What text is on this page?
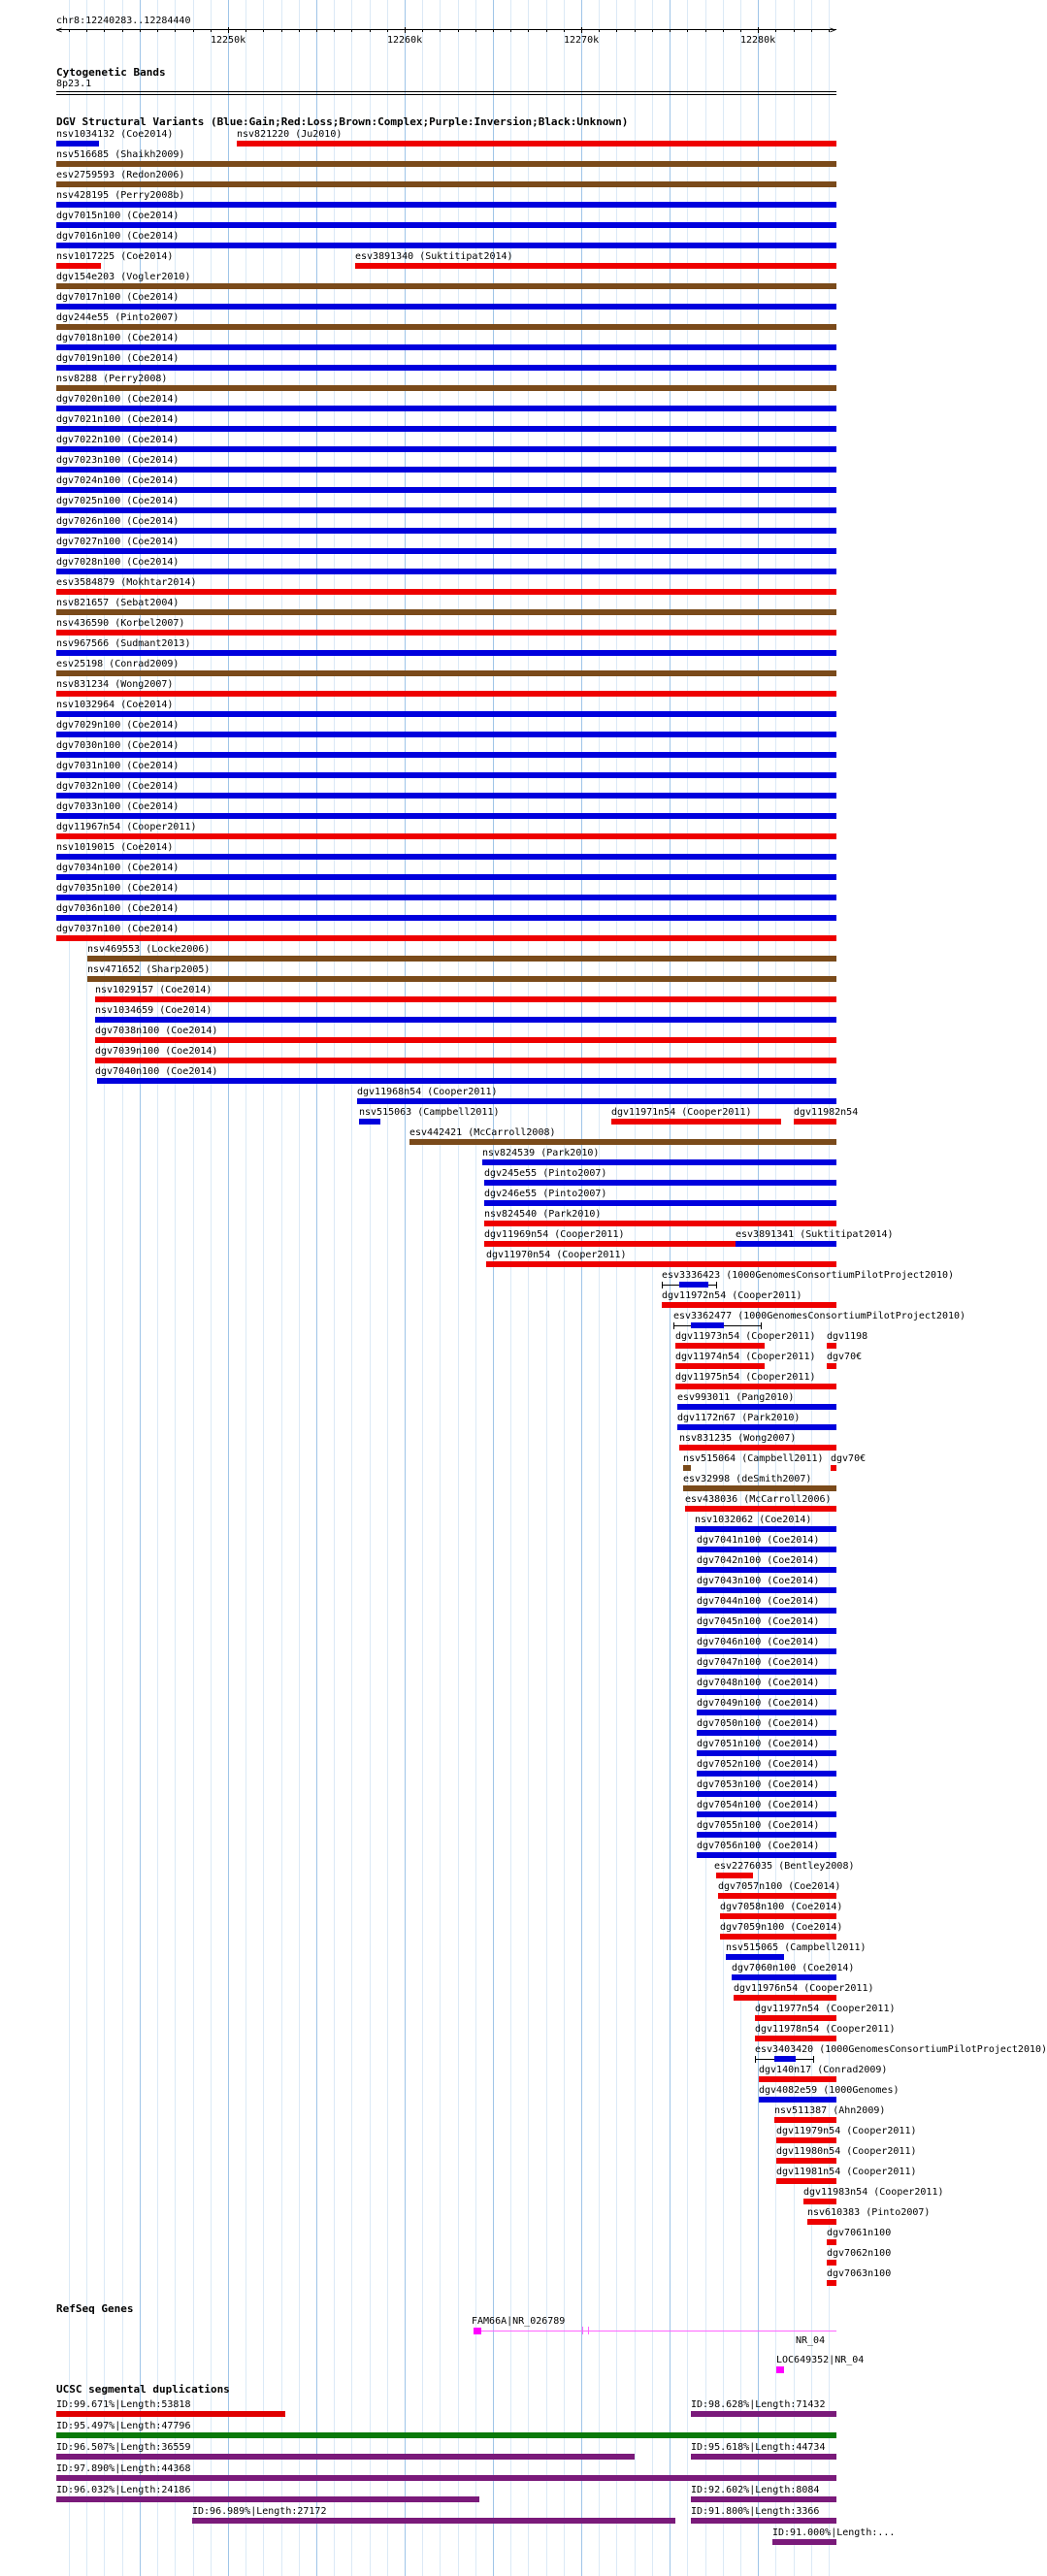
chr8:12240283..12284440
<	>
12250k	12260k	12270k	12280k
Cytogenetic Bands
8p23.1
DGV Structural Variants (Blue:Gain;Red:Loss;Brown:Complex;Purple:Inversion;Black:Unknown)
nsv1034132 (Coe2014)	nsv821220 (Ju2010)
nsv516685 (Shaikh2009)
esv2759593 (Redon2006)
nsv428195 (Perry2008b)
dgv7015n100 (Coe2014)
dgv7016n100 (Coe2014)
nsv1017225 (Coe2014)	esv3891340 (Suktitipat2014)
dgv154e203 (Vogler2010)
dgv7017n100 (Coe2014)
dgv244e55 (Pinto2007)
dgv7018n100 (Coe2014)
dgv7019n100 (Coe2014)
nsv8288 (Perry2008)
dgv7020n100 (Coe2014)
dgv7021n100 (Coe2014)
dgv7022n100 (Coe2014)
dgv7023n100 (Coe2014)
dgv7024n100 (Coe2014)
dgv7025n100 (Coe2014)
dgv7026n100 (Coe2014)
dgv7027n100 (Coe2014)
dgv7028n100 (Coe2014)
esv3584879 (Mokhtar2014)
nsv821657 (Sebat2004)
nsv436590 (Korbel2007)
nsv967566 (Sudmant2013)
esv25198 (Conrad2009)
nsv831234 (Wong2007)
nsv1032964 (Coe2014)
dgv7029n100 (Coe2014)
dgv7030n100 (Coe2014)
dgv7031n100 (Coe2014)
dgv7032n100 (Coe2014)
dgv7033n100 (Coe2014)
dgv11967n54 (Cooper2011)
nsv1019015 (Coe2014)
dgv7034n100 (Coe2014)
dgv7035n100 (Coe2014)
dgv7036n100 (Coe2014)
dgv7037n100 (Coe2014)
nsv469553 (Locke2006)
nsv471652 (Sharp2005)
nsv1029157 (Coe2014)
nsv1034659 (Coe2014)
dgv7038n100 (Coe2014)
dgv7039n100 (Coe2014)
dgv7040n100 (Coe2014)
dgv11968n54 (Cooper2011)
nsv515063 (Campbell2011)	dgv11971n54 (Cooper2011)	dgv11982n54
esv442421 (McCarroll2008)
nsv824539 (Park2010)
dgv245e55 (Pinto2007)
dgv246e55 (Pinto2007)
nsv824540 (Park2010)
dgv11969n54 (Cooper2011)	esv3891341 (Suktitipat2014)
dgv11970n54 (Cooper2011)
esv3336423 (1000GenomesConsortiumPilotProject2010)
dgv11972n54 (Cooper2011)
esv3362477 (1000GenomesConsortiumPilotProject2010)
dgv11973n54 (Cooper2011) dgv1198
dgv11974n54 (Cooper2011) dgv70€
dgv11975n54 (Cooper2011)
esv993011 (Pang2010)
dgv1172n67 (Park2010)
nsv831235 (Wong2007)
nsv515064 (Campbell2011) dgv70€
esv32998 (deSmith2007)
esv438036 (McCarroll2006)
nsv1032062 (Coe2014)
dgv7041n100 (Coe2014)
dgv7042n100 (Coe2014)
dgv7043n100 (Coe2014)
dgv7044n100 (Coe2014)
dgv7045n100 (Coe2014)
dgv7046n100 (Coe2014)
dgv7047n100 (Coe2014)
dgv7048n100 (Coe2014)
dgv7049n100 (Coe2014)
dgv7050n100 (Coe2014)
dgv7051n100 (Coe2014)
dgv7052n100 (Coe2014)
dgv7053n100 (Coe2014)
dgv7054n100 (Coe2014)
dgv7055n100 (Coe2014)
dgv7056n100 (Coe2014)
esv2276035 (Bentley2008)
dgv7057n100 (Coe2014)
dgv7058n100 (Coe2014)
dgv7059n100 (Coe2014)
nsv515065 (Campbell2011)
dgv7060n100 (Coe2014)
dgv11976n54 (Cooper2011)
dgv11977n54 (Cooper2011)
dgv11978n54 (Cooper2011)
esv3403420 (1000GenomesConsortiumPilotProject2010)
dgv140n17 (Conrad2009)
dgv4082e59 (1000Genomes)
nsv511387 (Ahn2009)
dgv11979n54 (Cooper2011)
dgv11980n54 (Cooper2011)
dgv11981n54 (Cooper2011)
dgv11983n54 (Cooper2011)
nsv610383 (Pinto2007)
dgv7061n100
dgv7062n100
dgv7063n100
RefSeq Genes
FAM66A|NR_026789
NR_04
LOC649352|NR_04
UCSC segmental duplications
ID:99.671%|Length:53818	ID:98.628%|Length:71432
ID:95.497%|Length:47796
ID:96.507%|Length:36559	ID:95.618%|Length:44734
ID:97.890%|Length:44368
ID:96.032%|Length:24186	ID:92.602%|Length:8084
ID:96.989%|Length:27172	ID:91.800%|Length:3366
ID:91.000%|Length:...
